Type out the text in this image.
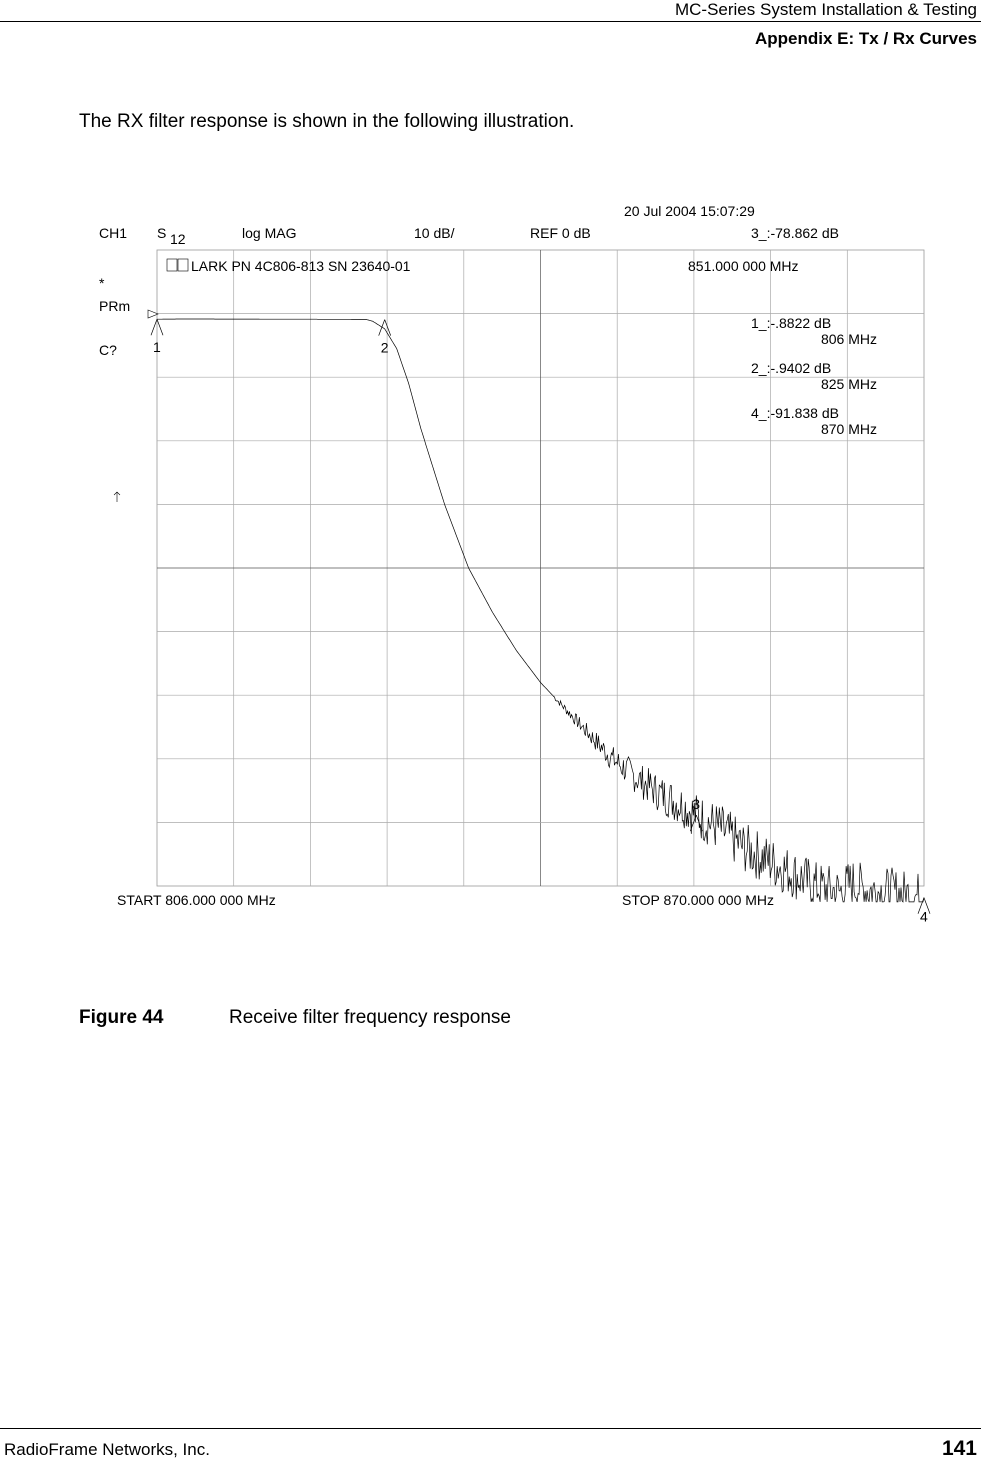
MC-Series System Installation & Testing
Appendix E: Tx / Rx Curves
The RX filter response is shown in the following illustration.
1	2
3
4
20 Jul 2004 15:07:29
CH1 S 12	log MAG	10 dB/	REF 0 dB	3_:-78.862 dB
LARK PN 4C806-813 SN 23640-01	851.000 000 MHz
*
PRm
C?
1_:-.8822 dB
806 MHz
2_:-.9402 dB
825 MHz
4_:-91.838 dB
870 MHz
START 806.000 000 MHz	STOP 870.000 000 MHz
Figure 44	Receive filter frequency response
RadioFrame Networks, Inc.	141
